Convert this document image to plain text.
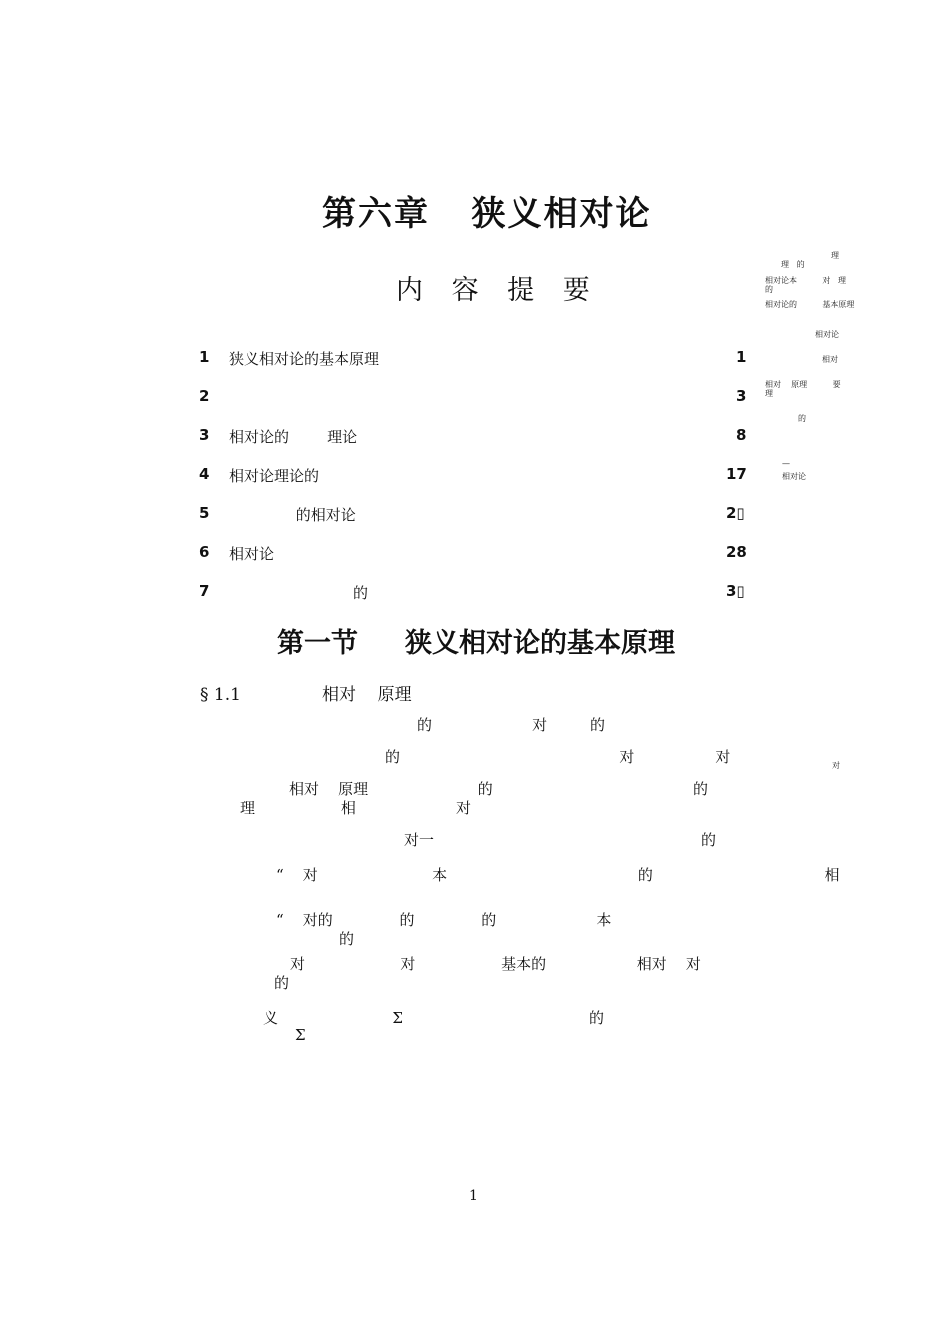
第六章   狭义相对论
内 容 提 要
1 狭义相对论的基本原理	1
2	3
3 相对论的        理论	8
4 相对论理论的	17
5 的相对论	2▯
6 相对论	28
7 的	3▯
理
理   的
相对论本          对   理
的
相对论的          基本原理
相对论
相对
相对    原理          要
理
的
—
相对论
对
第一节     狭义相对论的基本原理
§ 1.1               相对    原理
的                     对         的
的                                              对                 对
相对    原理                       的                                          的
理                  相                     对
对一                                                        的
“    对                        本                                        的                                    相
“    对的              的              的                     本
的
对                    对                  基本的                   相对    对
的
义                        Σ                                       的
Σ
1
